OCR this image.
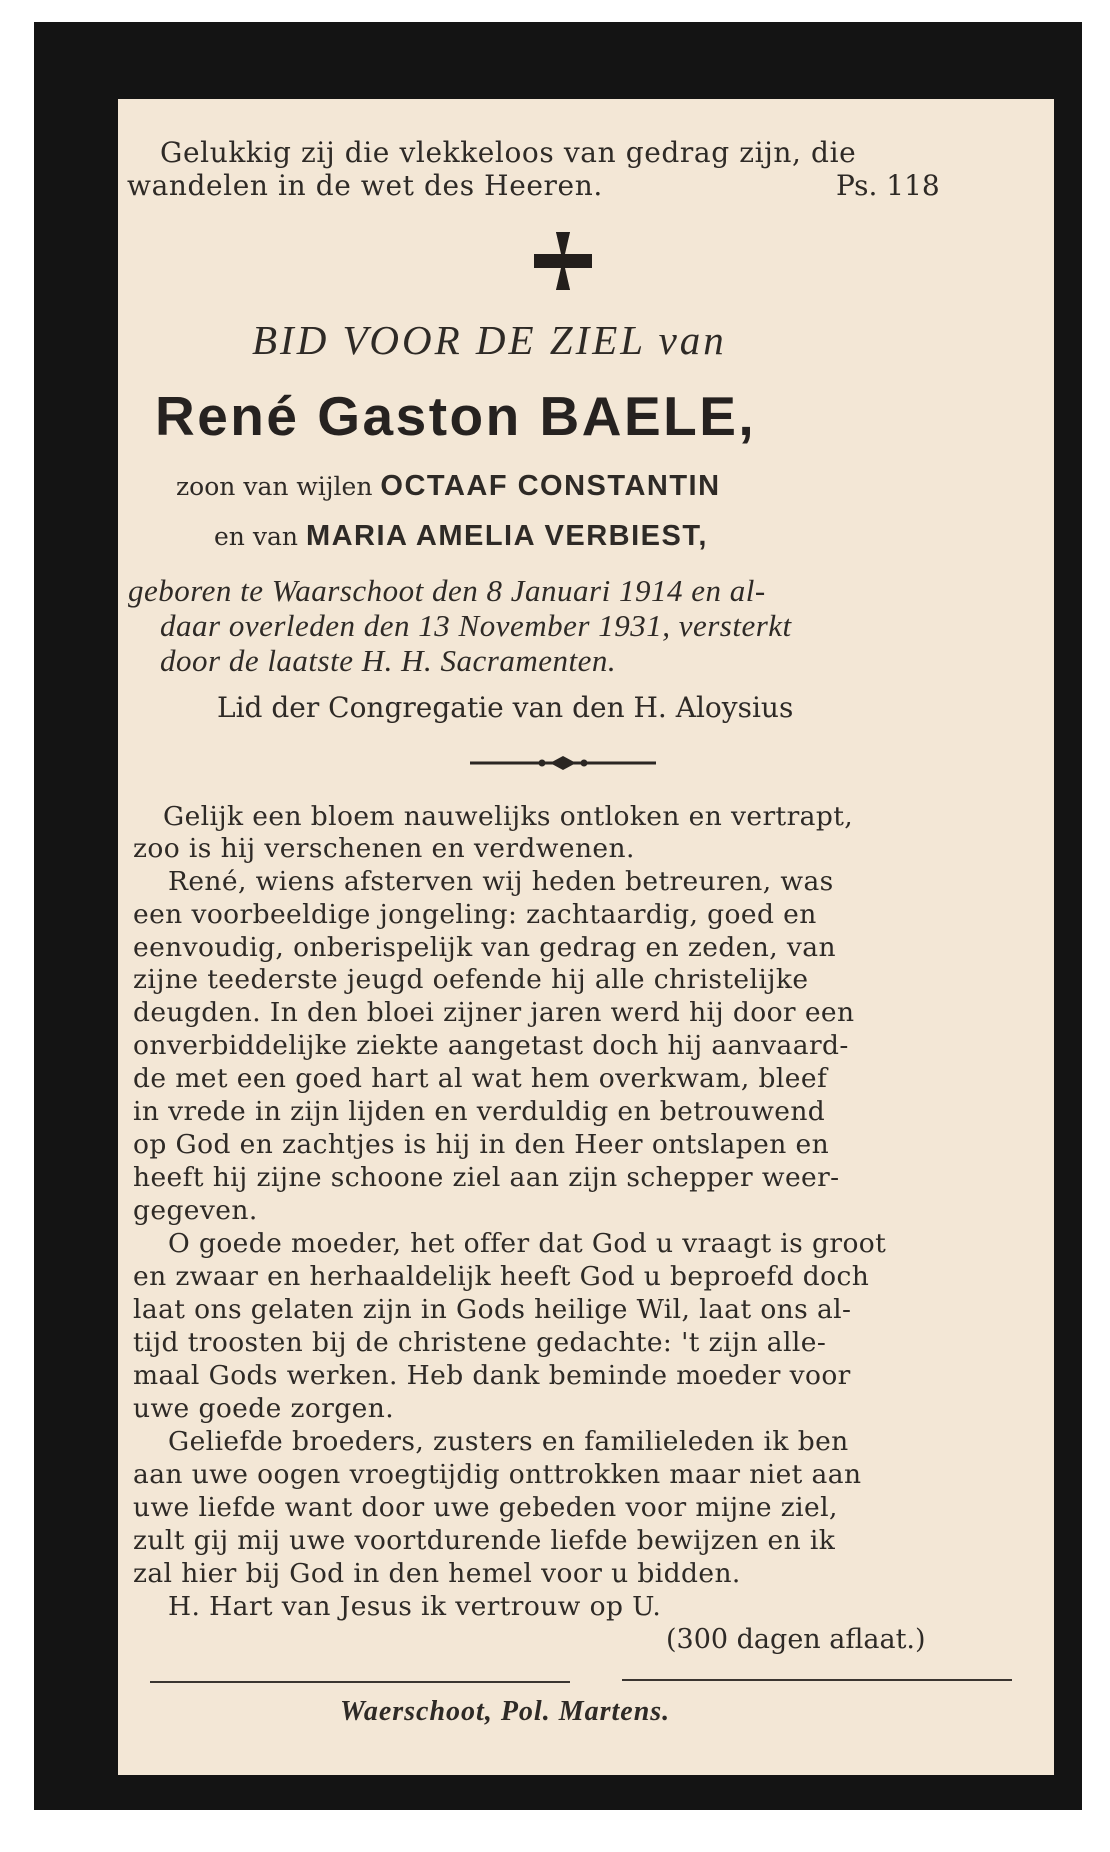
Gelukkig zij die vlekkeloos van gedrag zijn, die

wandelen in de wet des Heeren.	Ps. 118

BID VOOR DE ZIEL van

René Gaston BAELE,

zoon van wijlen OCTAAF CONSTANTIN

en van MARIA AMELIA VERBIEST,

geboren te Waarschoot den 8 Januari 1914 en al-

daar overleden den 13 November 1931, versterkt

door de laatste H. H. Sacramenten.

Lid der Congregatie van den H. Aloysius

Gelijk een bloem nauwelijks ontloken en vertrapt,

zoo is hij verschenen en verdwenen.

René, wiens afsterven wij heden betreuren, was

een voorbeeldige jongeling: zachtaardig, goed en

eenvoudig, onberispelijk van gedrag en zeden, van

zijne teederste jeugd oefende hij alle christelijke

deugden. In den bloei zijner jaren werd hij door een

onverbiddelijke ziekte aangetast doch hij aanvaard-

de met een goed hart al wat hem overkwam, bleef

in vrede in zijn lijden en verduldig en betrouwend

op God en zachtjes is hij in den Heer ontslapen en

heeft hij zijne schoone ziel aan zijn schepper weer-

gegeven.

O goede moeder, het offer dat God u vraagt is groot

en zwaar en herhaaldelijk heeft God u beproefd doch

laat ons gelaten zijn in Gods heilige Wil, laat ons al-

tijd troosten bij de christene gedachte: 't zijn alle-

maal Gods werken. Heb dank beminde moeder voor

uwe goede zorgen.

Geliefde broeders, zusters en familieleden ik ben

aan uwe oogen vroegtijdig onttrokken maar niet aan

uwe liefde want door uwe gebeden voor mijne ziel,

zult gij mij uwe voortdurende liefde bewijzen en ik

zal hier bij God in den hemel voor u bidden.

H. Hart van Jesus ik vertrouw op U.

(300 dagen aflaat.)

Waerschoot, Pol. Martens.
